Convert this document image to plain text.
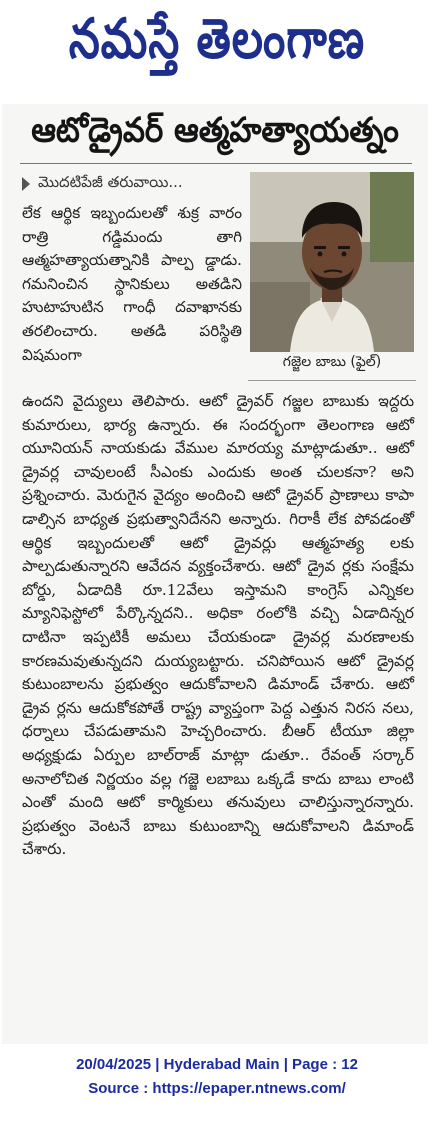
నమస్తే తెలంగాణ
ఆటోడ్రైవర్ ఆత్మహత్యాయత్నం
మొదటిపేజీ తరువాయి...
గజ్జెల బాబు (ఫైల్)
లేక ఆర్థిక ఇబ్బందులతో శుక్ర వారం రాత్రి గడ్డిమందు తాగి ఆత్మహత్యాయత్నానికి పాల్ప డ్డాడు. గమనించిన స్థానికులు అతడిని హుటాహుటిన గాంధీ దవాఖానకు తరలించారు. అతడి పరిస్థితి విషమంగా
ఉందని వైద్యులు తెలిపారు. ఆటో డ్రైవర్ గజ్జల బాబుకు ఇద్దరు కుమారులు, భార్య ఉన్నారు. ఈ సందర్భంగా తెలంగాణ ఆటో యూనియన్ నాయకుడు వేముల మారయ్య మాట్లాడుతూ.. ఆటో డ్రైవర్ల చావులంటే సీఎంకు ఎందుకు అంత చులకనా? అని ప్రశ్నించారు. మెరుగైన వైద్యం అందించి ఆటో డ్రైవర్ ప్రాణాలు కాపా డాల్సిన బాధ్యత ప్రభుత్వానిదేనని అన్నారు. గిరాకీ లేక పోవడంతో ఆర్థిక ఇబ్బందులతో ఆటో డ్రైవర్లు ఆత్మహత్య లకు పాల్పడుతున్నారని ఆవేదన వ్యక్తంచేశారు. ఆటో డ్రైవ ర్లకు సంక్షేమ బోర్డు, ఏడాదికి రూ.12వేలు ఇస్తామని కాంగ్రెస్ ఎన్నికల మ్యానిఫెస్టోలో పేర్కొన్నదని.. అధికా రంలోకి వచ్చి ఏడాదిన్నర దాటినా ఇప్పటికీ అమలు చేయకుండా డ్రైవర్ల మరణాలకు కారణమవుతున్నదని దుయ్యబట్టారు. చనిపోయిన ఆటో డ్రైవర్ల కుటుంబాలను ప్రభుత్వం ఆదుకోవాలని డిమాండ్ చేశారు. ఆటో డ్రైవ ర్లను ఆదుకోకపోతే రాష్ట్ర వ్యాప్తంగా పెద్ద ఎత్తున నిరస నలు, ధర్నాలు చేపడుతామని హెచ్చరించారు. బీఆర్ టీయూ జిల్లా అధ్యక్షుడు ఏర్పుల బాల్‌రాజ్ మాట్లా డుతూ.. రేవంత్ సర్కార్ అనాలోచిత నిర్ణయం వల్ల గజ్జె లబాబు ఒక్కడే కాదు బాబు లాంటి ఎంతో మంది ఆటో కార్మికులు తనువులు చాలిస్తున్నారన్నారు. ప్రభుత్వం వెంటనే బాబు కుటుంబాన్ని ఆదుకోవాలని డిమాండ్ చేశారు.
20/04/2025 | Hyderabad Main | Page : 12
Source : https://epaper.ntnews.com/
